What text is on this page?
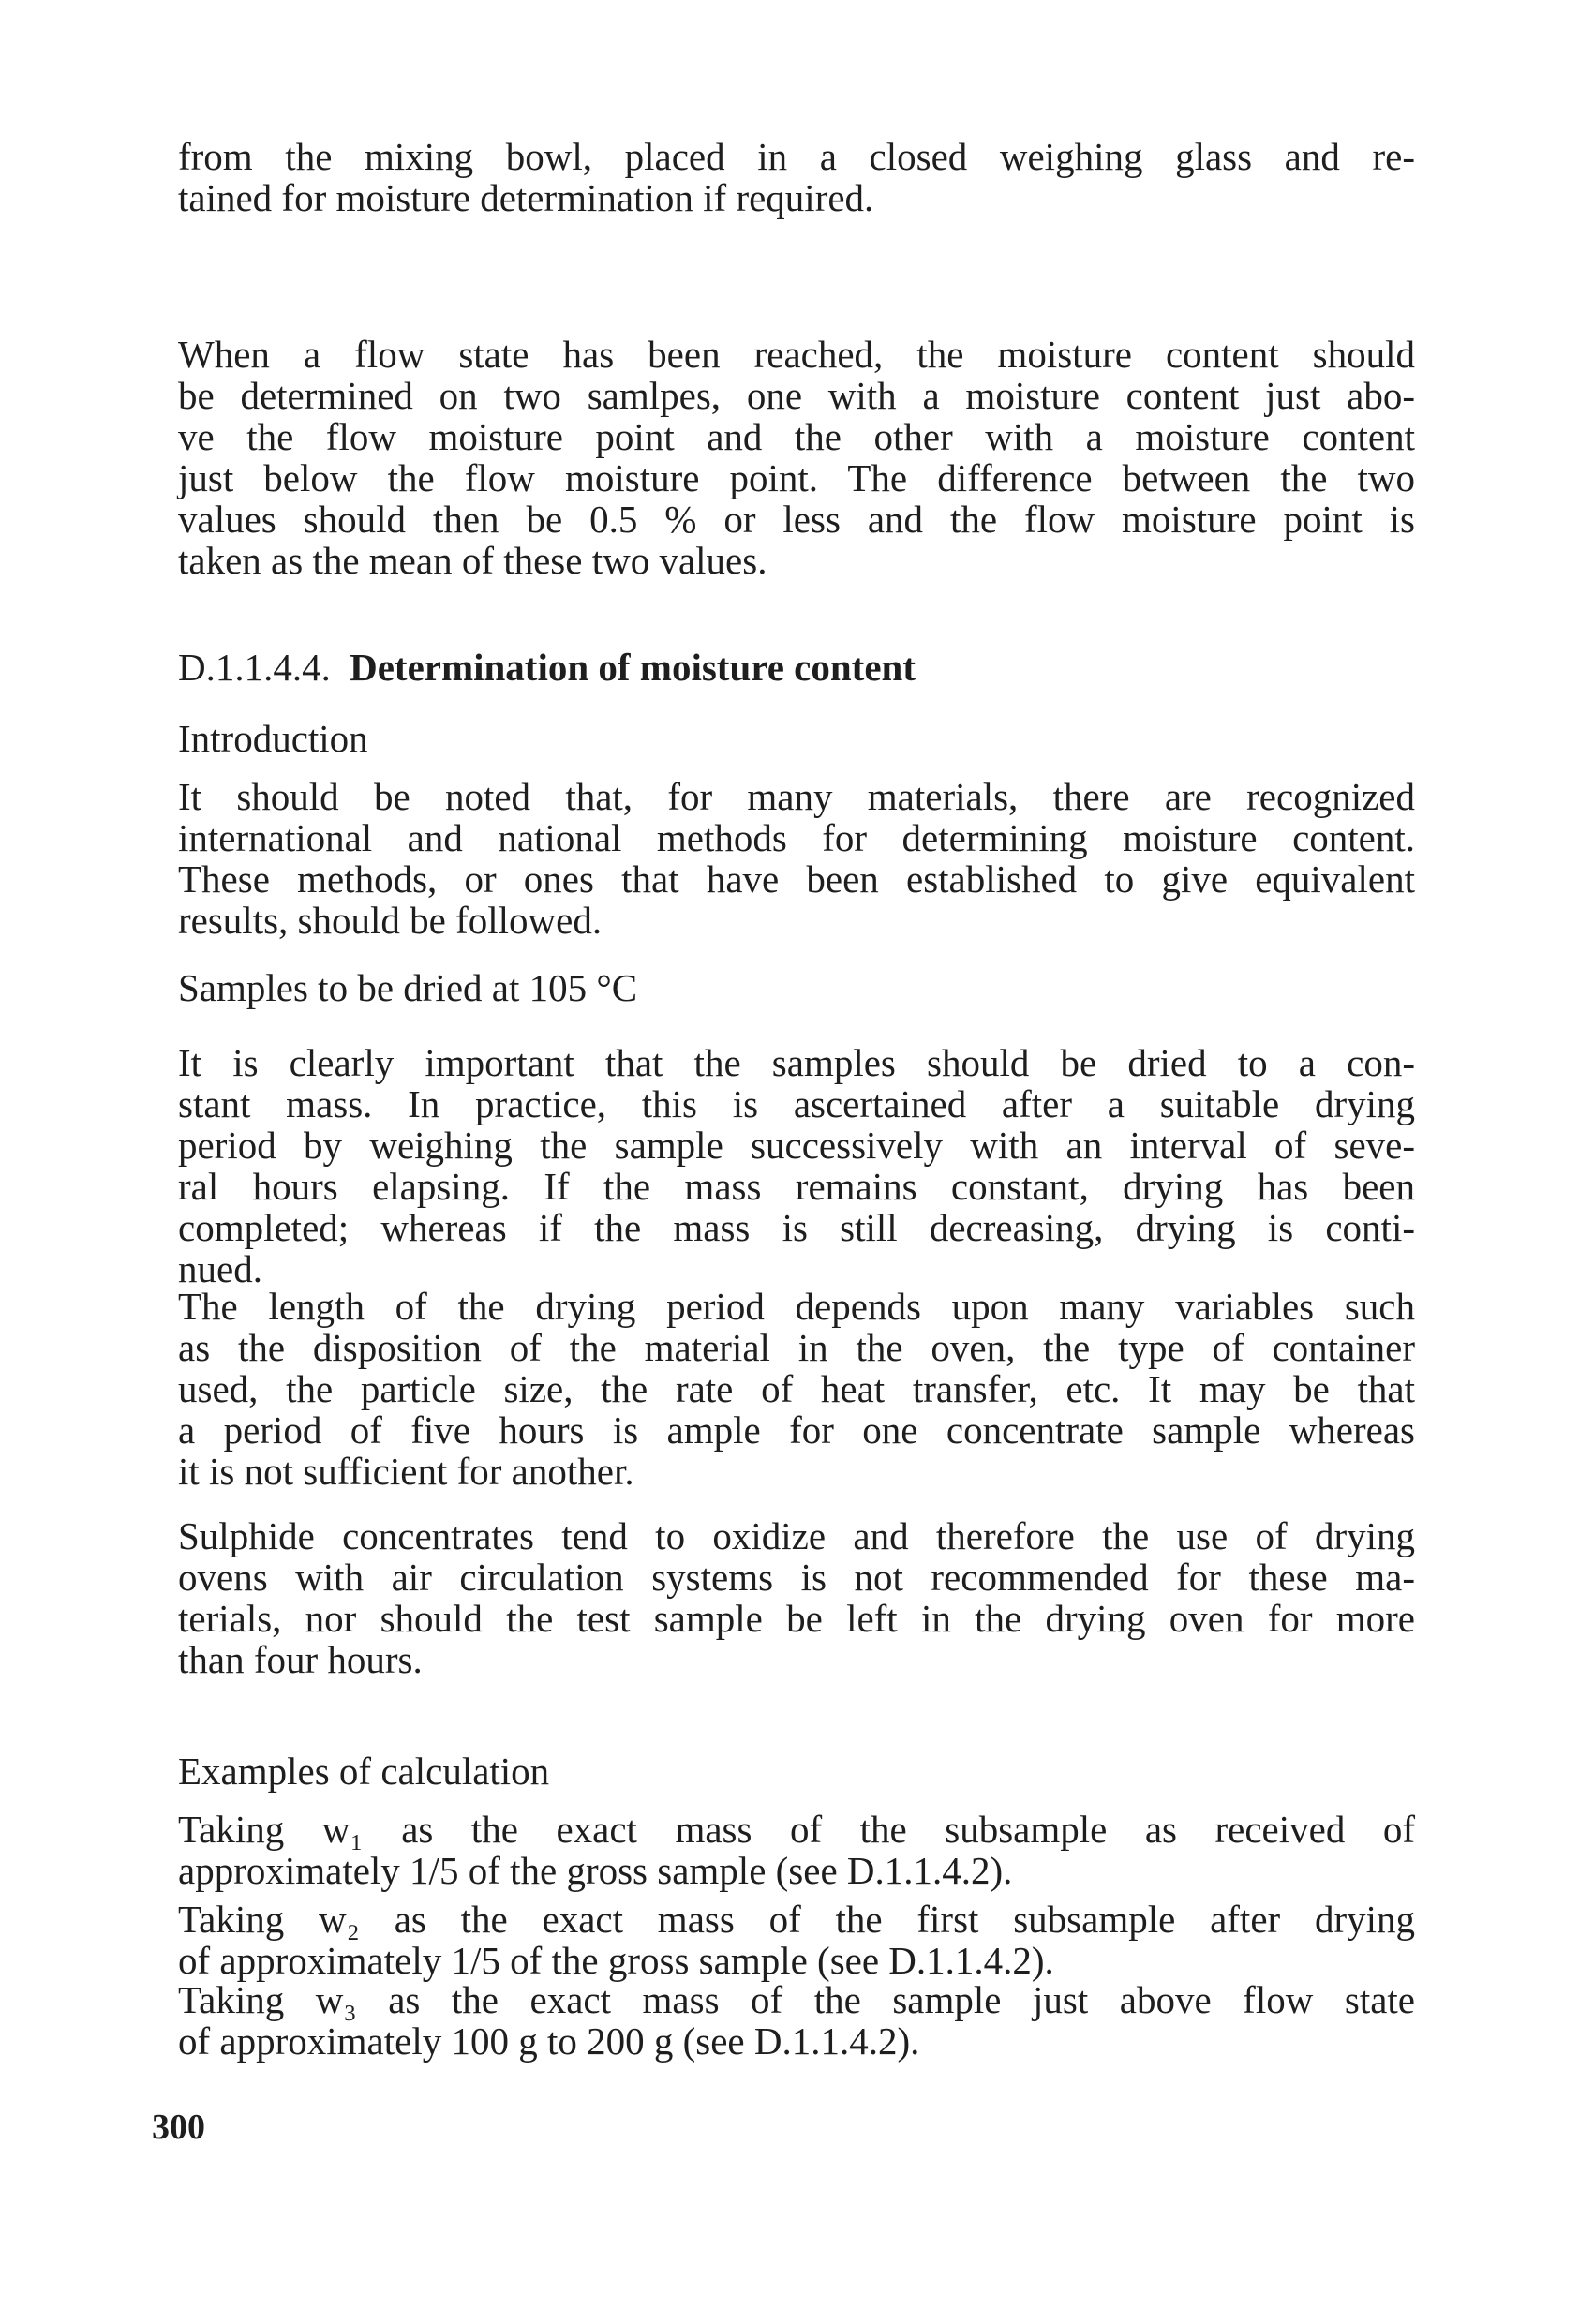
from the mixing bowl, placed in a closed weighing glass and re-
tained for moisture determination if required.

When a flow state has been reached, the moisture content should
be determined on two samlpes, one with a moisture content just abo-
ve the flow moisture point and the other with a moisture content
just below the flow moisture point. The difference between the two
values should then be 0.5 % or less and the flow moisture point is
taken as the mean of these two values.

D.1.1.4.4. Determination of moisture content
Introduction

It should be noted that, for many materials, there are recognized
international and national methods for determining moisture content.
These methods, or ones that have been established to give equivalent
results, should be followed.

Samples to be dried at 105 °C

It is clearly important that the samples should be dried to a con-
stant mass. In practice, this is ascertained after a suitable drying
period by weighing the sample successively with an interval of seve-
ral hours elapsing. If the mass remains constant, drying has been
completed; whereas if the mass is still decreasing, drying is conti-
nued.

The length of the drying period depends upon many variables such
as the disposition of the material in the oven, the type of container
used, the particle size, the rate of heat transfer, etc. It may be that
a period of five hours is ample for one concentrate sample whereas
it is not sufficient for another.

Sulphide concentrates tend to oxidize and therefore the use of drying
ovens with air circulation systems is not recommended for these ma-
terials, nor should the test sample be left in the drying oven for more
than four hours.

Examples of calculation

Taking w₁ as the exact mass of the subsample as received of
approximately 1/5 of the gross sample (see D.1.1.4.2).

Taking w₂ as the exact mass of the first subsample after drying
of approximately 1/5 of the gross sample (see D.1.1.4.2).

Taking w₃ as the exact mass of the sample just above flow state
of approximately 100 g to 200 g (see D.1.1.4.2).

300
